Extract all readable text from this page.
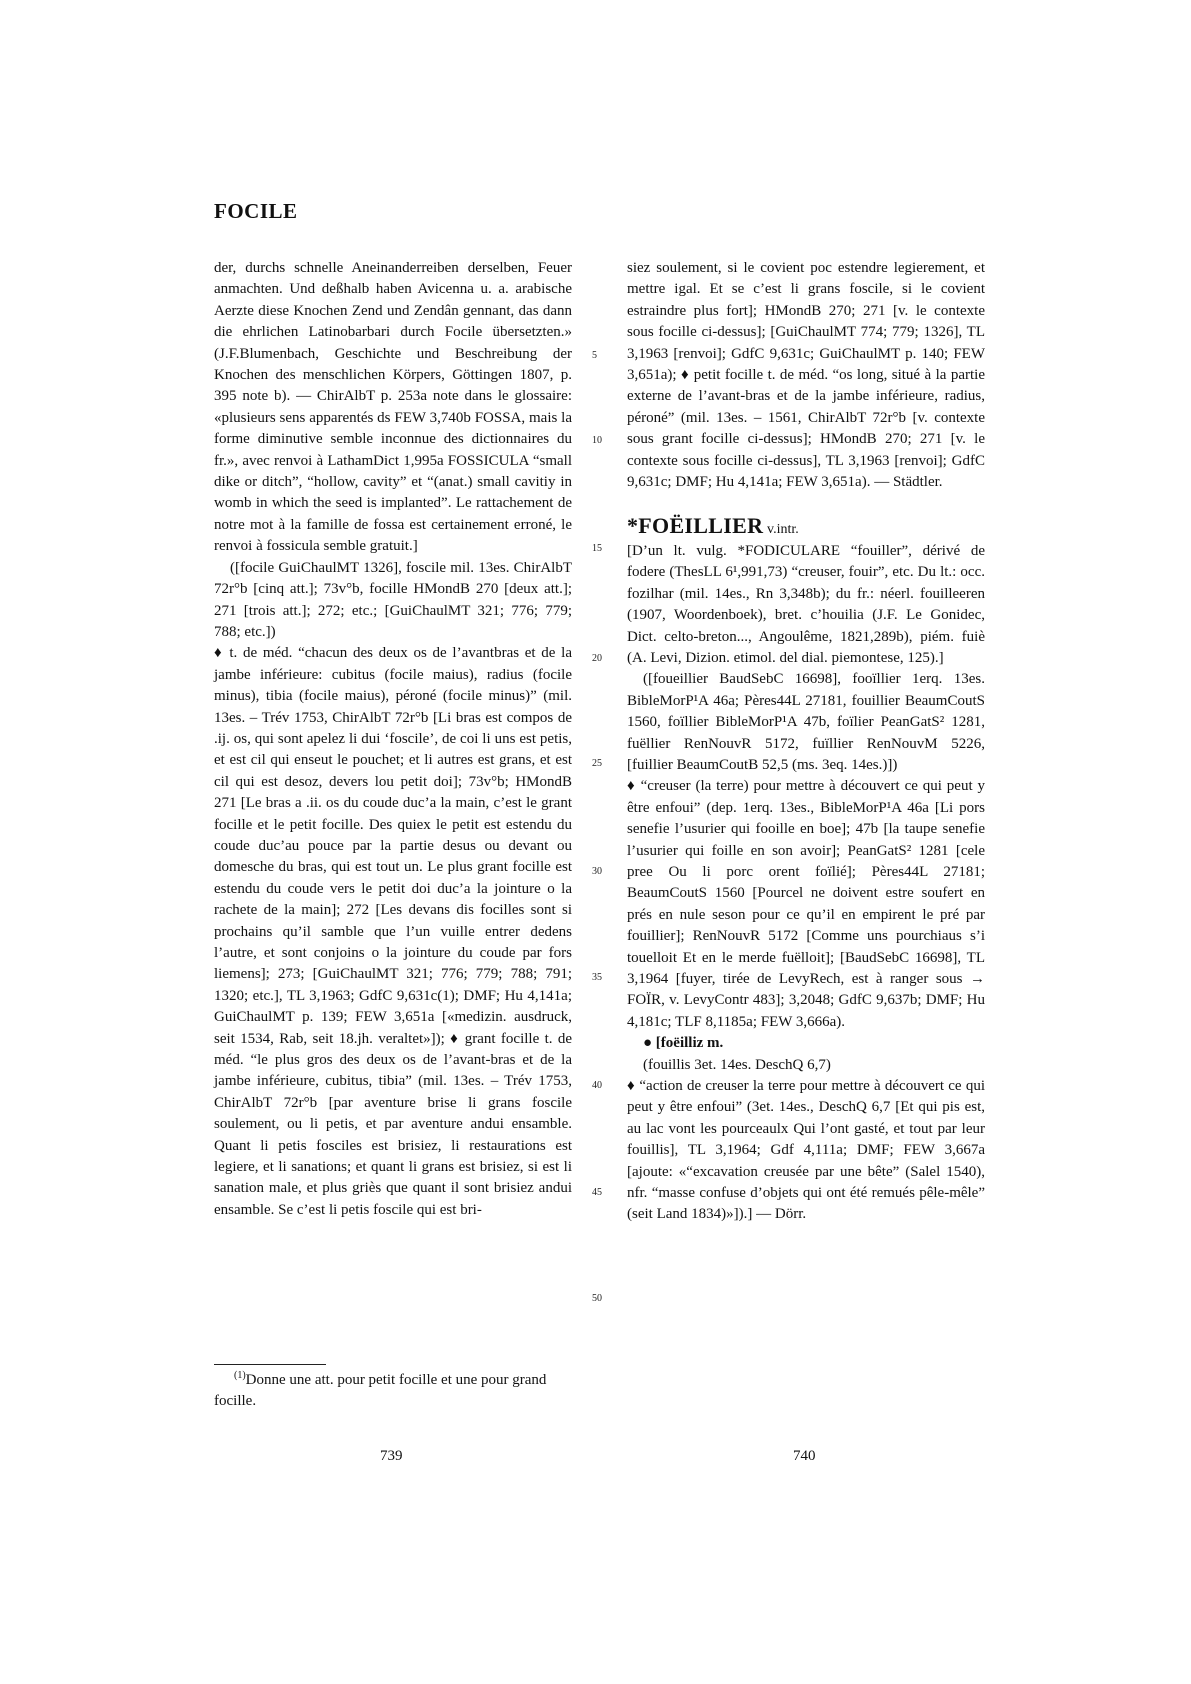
FOCILE

der, durchs schnelle Aneinanderreiben derselben, Feuer anmachten. Und deßhalb haben Avicenna u. a. arabische Aerzte diese Knochen Zend und Zendân gennant, das dann die ehrlichen Latinobarbari durch Focile übersetzten.» (J.F.Blumenbach, Geschichte und Beschreibung der Knochen des menschlichen Körpers, Göttingen 1807, p. 395 note b). — ChirAlbT p. 253a note dans le glossaire: «plusieurs sens apparentés ds FEW 3,740b FOSSA, mais la forme diminutive semble inconnue des dictionnaires du fr.», avec renvoi à LathamDict 1,995a FOSSICULA “small dike or ditch”, “hollow, cavity” et “(anat.) small cavitiy in womb in which the seed is implanted”. Le rattachement de notre mot à la famille de fossa est certainement erroné, le renvoi à fossicula semble gratuit.]

([focile GuiChaulMT 1326], foscile mil. 13es. ChirAlbT 72r°b [cinq att.]; 73v°b, focille HMondB 270 [deux att.]; 271 [trois att.]; 272; etc.; [GuiChaulMT 321; 776; 779; 788; etc.])

♦ t. de méd. “chacun des deux os de l’avantbras et de la jambe inférieure: cubitus (focile maius), radius (focile minus), tibia (focile maius), péroné (focile minus)” (mil. 13es. – Trév 1753, ChirAlbT 72r°b [Li bras est compos de .ij. os, qui sont apelez li dui ‘foscile’, de coi li uns est petis, et est cil qui enseut le pouchet; et li autres est grans, et est cil qui est desoz, devers lou petit doi]; 73v°b; HMondB 271 [Le bras a .ii. os du coude duc’a la main, c’est le grant focille et le petit focille. Des quiex le petit est estendu du coude duc’au pouce par la partie desus ou devant ou domesche du bras, qui est tout un. Le plus grant focille est estendu du coude vers le petit doi duc’a la jointure o la rachete de la main]; 272 [Les devans dis focilles sont si prochains qu’il samble que l’un vuille entrer dedens l’autre, et sont conjoins o la jointure du coude par fors liemens]; 273; [GuiChaulMT 321; 776; 779; 788; 791; 1320; etc.], TL 3,1963; GdfC 9,631c(1); DMF; Hu 4,141a; GuiChaulMT p. 139; FEW 3,651a [«medizin. ausdruck, seit 1534, Rab, seit 18.jh. veraltet»]); ♦ grant focille t. de méd. “le plus gros des deux os de l’avant-bras et de la jambe inférieure, cubitus, tibia” (mil. 13es. – Trév 1753, ChirAlbT 72r°b [par aventure brise li grans foscile soulement, ou li petis, et par aventure andui ensamble. Quant li petis fosciles est brisiez, li restaurations est legiere, et li sanations; et quant li grans est brisiez, si est li sanation male, et plus griès que quant il sont brisiez andui ensamble. Se c’est li petis foscile qui est bri-

5
10
15
20
25
30
35
40
45
50

siez soulement, si le covient poc estendre legierement, et mettre igal. Et se c’est li grans foscile, si le covient estraindre plus fort]; HMondB 270; 271 [v. le contexte sous focille ci-dessus]; [GuiChaulMT 774; 779; 1326], TL 3,1963 [renvoi]; GdfC 9,631c; GuiChaulMT p. 140; FEW 3,651a); ♦ petit focille t. de méd. “os long, situé à la partie externe de l’avant-bras et de la jambe inférieure, radius, péroné” (mil. 13es. – 1561, ChirAlbT 72r°b [v. contexte sous grant focille ci-dessus]; HMondB 270; 271 [v. le contexte sous focille ci-dessus], TL 3,1963 [renvoi]; GdfC 9,631c; DMF; Hu 4,141a; FEW 3,651a). — Städtler.

*FOËILLIER v.intr.

[D’un lt. vulg. *FODICULARE “fouiller”, dérivé de fodere (ThesLL 6¹,991,73) “creuser, fouir”, etc. Du lt.: occ. fozilhar (mil. 14es., Rn 3,348b); du fr.: néerl. fouilleeren (1907, Woordenboek), bret. c’houilia (J.F. Le Gonidec, Dict. celto-breton..., Angoulême, 1821,289b), piém. fuiè (A. Levi, Dizion. etimol. del dial. piemontese, 125).]

([foueillier BaudSebC 16698], fooïllier 1erq. 13es. BibleMorP¹A 46a; Pères44L 27181, fouillier BeaumCoutS 1560, foïllier BibleMorP¹A 47b, foïlier PeanGatS² 1281, fuëllier RenNouvR 5172, fuïllier RenNouvM 5226, [fuillier BeaumCoutB 52,5 (ms. 3eq. 14es.)])

♦ “creuser (la terre) pour mettre à découvert ce qui peut y être enfoui” (dep. 1erq. 13es., BibleMorP¹A 46a [Li pors senefie l’usurier qui fooille en boe]; 47b [la taupe senefie l’usurier qui foille en son avoir]; PeanGatS² 1281 [cele pree Ou li porc orent foïlié]; Pères44L 27181; BeaumCoutS 1560 [Pourcel ne doivent estre soufert en prés en nule seson pour ce qu’il en empirent le pré par fouillier]; RenNouvR 5172 [Comme uns pourchiaus s’i touelloit Et en le merde fuëlloit]; [BaudSebC 16698], TL 3,1964 [fuyer, tirée de LevyRech, est à ranger sous → FOÏR, v. LevyContr 483]; 3,2048; GdfC 9,637b; DMF; Hu 4,181c; TLF 8,1185a; FEW 3,666a).

● [foëilliz m.

(fouillis 3et. 14es. DeschQ 6,7)

♦ “action de creuser la terre pour mettre à découvert ce qui peut y être enfoui” (3et. 14es., DeschQ 6,7 [Et qui pis est, au lac vont les pourceaulx Qui l’ont gasté, et tout par leur fouillis], TL 3,1964; Gdf 4,111a; DMF; FEW 3,667a [ajoute: «“excavation creusée par une bête” (Salel 1540), nfr. “masse confuse d’objets qui ont été remués pêle-mêle” (seit Land 1834)»]).] — Dörr.

$^{(1)}$Donne une att. pour petit focille et une pour grand focille.
739	740
